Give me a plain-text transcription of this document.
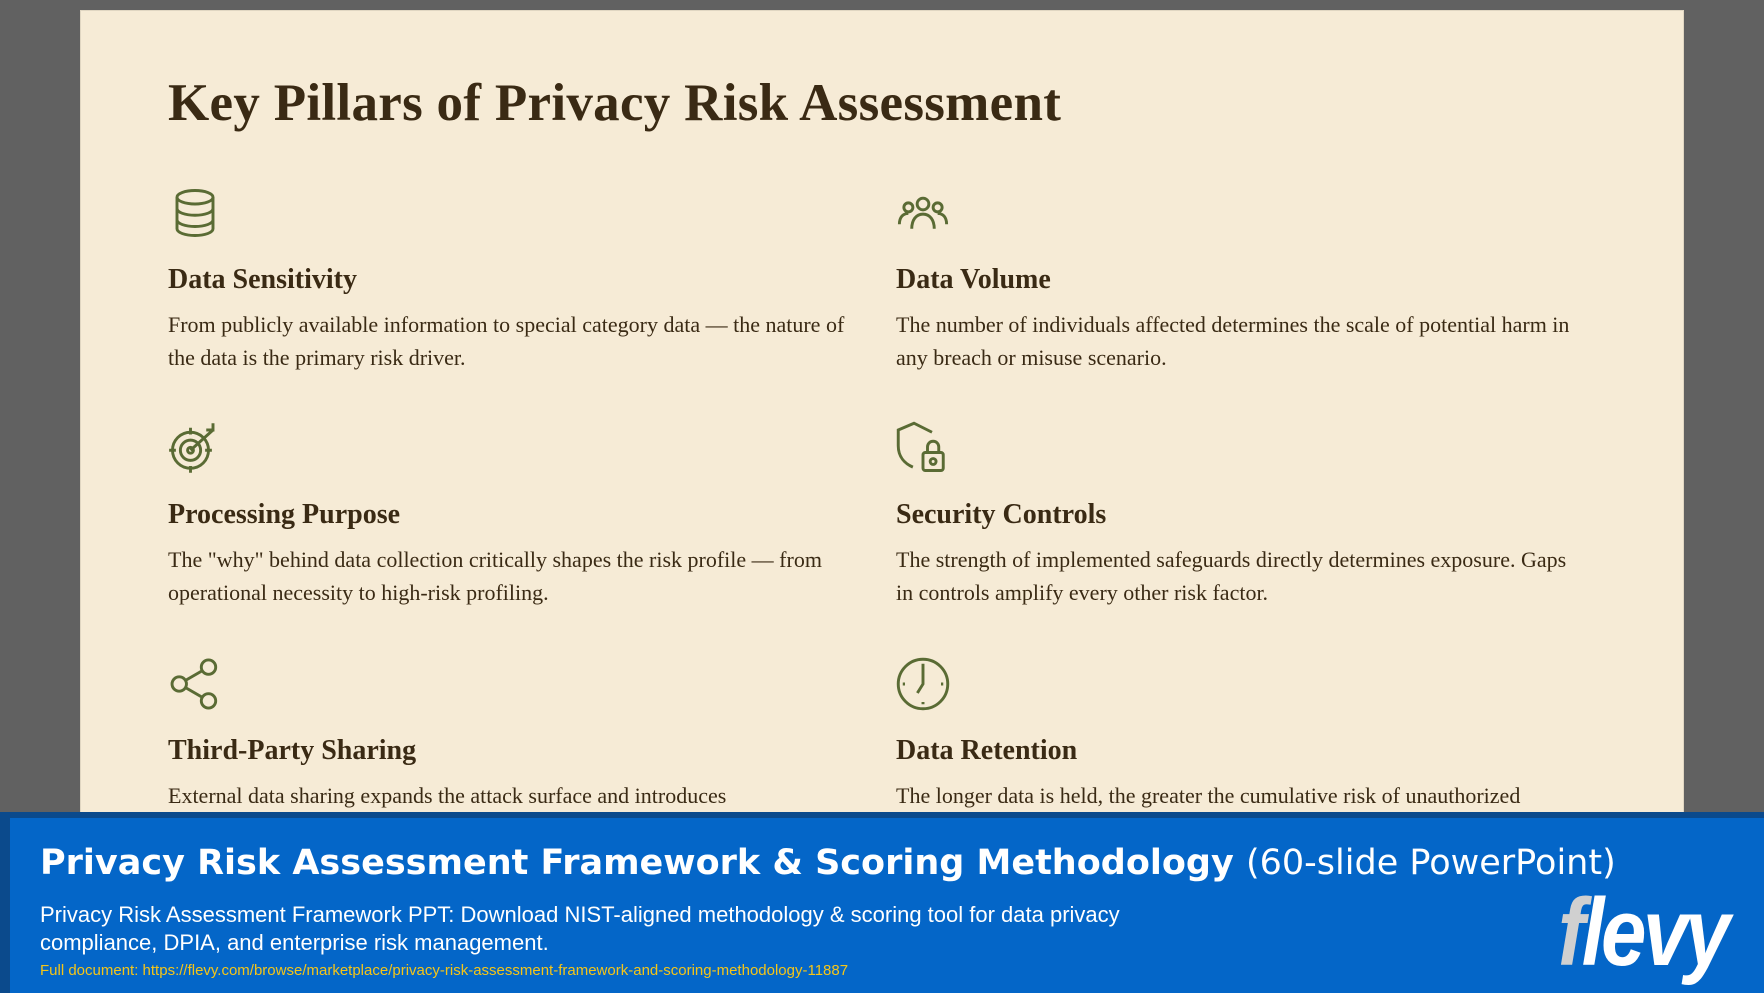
Key Pillars of Privacy Risk Assessment
Data Sensitivity

From publicly available information to special category data — the nature of the data is the primary risk driver.

Data Volume

The number of individuals affected determines the scale of potential harm in any breach or misuse scenario.

Processing Purpose

The "why" behind data collection critically shapes the risk profile — from operational necessity to high-risk profiling.

Security Controls

The strength of implemented safeguards directly determines exposure. Gaps in controls amplify every other risk factor.

Third-Party Sharing

External data sharing expands the attack surface and introduces

Data Retention

The longer data is held, the greater the cumulative risk of unauthorized

Privacy Risk Assessment Framework & Scoring Methodology (60-slide PowerPoint)
Privacy Risk Assessment Framework PPT: Download NIST-aligned methodology & scoring tool for data privacy compliance, DPIA, and enterprise risk management.
Full document: https://flevy.com/browse/marketplace/privacy-risk-assessment-framework-and-scoring-methodology-11887	flevy
